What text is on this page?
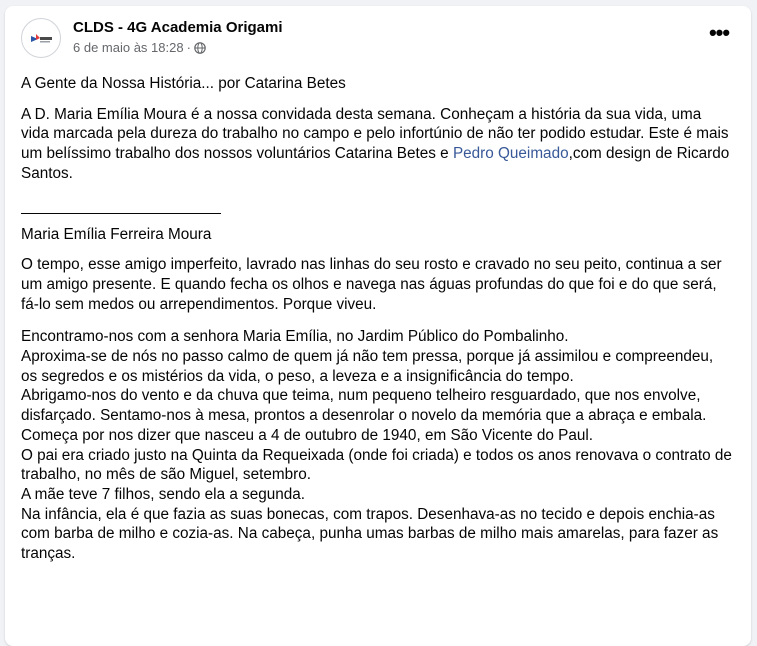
CLDS - 4G Academia Origami
6 de maio às 18:28 ·
•••

A Gente da Nossa História... por Catarina Betes

A D. Maria Emília Moura é a nossa convidada desta semana. Conheçam a história da sua vida, uma vida marcada pela dureza do trabalho no campo e pelo infortúnio de não ter podido estudar. Este é mais um belíssimo trabalho dos nossos voluntários Catarina Betes e Pedro Queimado,com design de Ricardo Santos.

Maria Emília Ferreira Moura

O tempo, esse amigo imperfeito, lavrado nas linhas do seu rosto e cravado no seu peito, continua a ser um amigo presente. E quando fecha os olhos e navega nas águas profundas do que foi e do que será, fá-lo sem medos ou arrependimentos. Porque viveu.

Encontramo-nos com a senhora Maria Emília, no Jardim Público do Pombalinho.
Aproxima-se de nós no passo calmo de quem já não tem pressa, porque já assimilou e compreendeu, os segredos e os mistérios da vida, o peso, a leveza e a insignificância do tempo.
Abrigamo-nos do vento e da chuva que teima, num pequeno telheiro resguardado, que nos envolve, disfarçado. Sentamo-nos à mesa, prontos a desenrolar o novelo da memória que a abraça e embala.
Começa por nos dizer que nasceu a 4 de outubro de 1940, em São Vicente do Paul.
O pai era criado justo na Quinta da Requeixada (onde foi criada) e todos os anos renovava o contrato de trabalho, no mês de são Miguel, setembro.
A mãe teve 7 filhos, sendo ela a segunda.
Na infância, ela é que fazia as suas bonecas, com trapos. Desenhava-as no tecido e depois enchia-as com barba de milho e cozia-as. Na cabeça, punha umas barbas de milho mais amarelas, para fazer as tranças.
